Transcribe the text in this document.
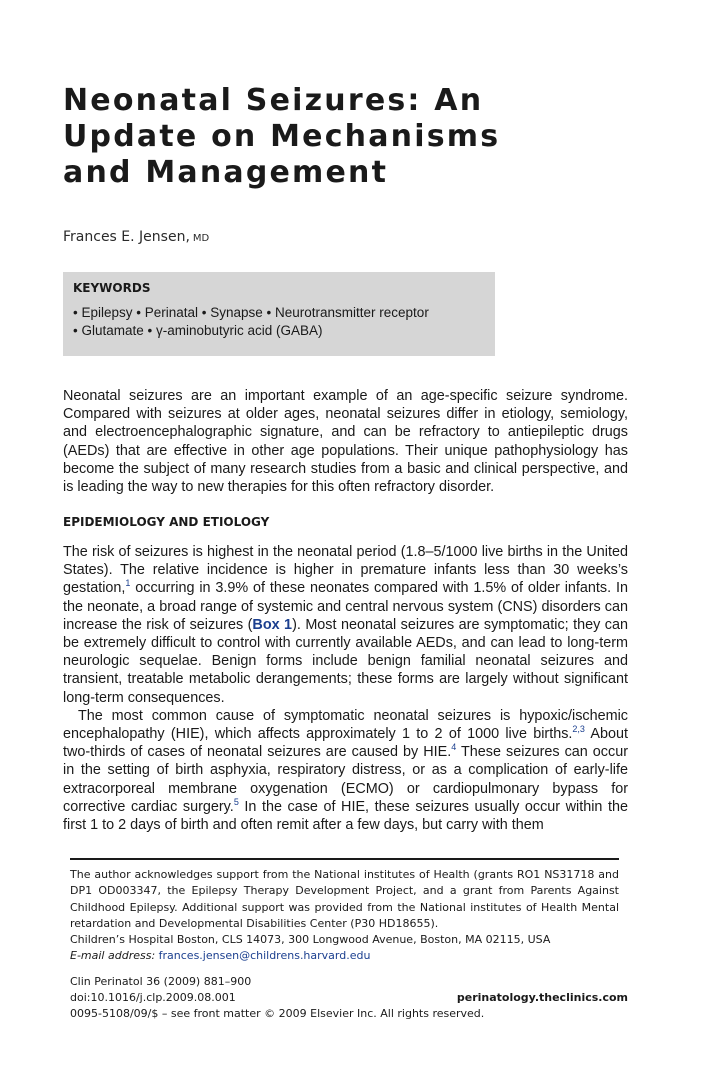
Neonatal Seizures: An
Update on Mechanisms
and Management
Frances E. Jensen, MD
KEYWORDS
• Epilepsy • Perinatal • Synapse • Neurotransmitter receptor
• Glutamate • γ-aminobutyric acid (GABA)
Neonatal seizures are an important example of an age-specific seizure syndrome. Compared with seizures at older ages, neonatal seizures differ in etiology, semiology, and electroencephalographic signature, and can be refractory to antiepileptic drugs (AEDs) that are effective in other age populations. Their unique pathophysiology has become the subject of many research studies from a basic and clinical perspective, and is leading the way to new therapies for this often refractory disorder.
EPIDEMIOLOGY AND ETIOLOGY

The risk of seizures is highest in the neonatal period (1.8–5/1000 live births in the United States). The relative incidence is higher in premature infants less than 30 weeks’s gestation,$^1$ occurring in 3.9% of these neonates compared with 1.5% of older infants. In the neonate, a broad range of systemic and central nervous system (CNS) disorders can increase the risk of seizures (Box 1). Most neonatal seizures are symptomatic; they can be extremely difficult to control with currently available AEDs, and can lead to long-term neurologic sequelae. Benign forms include benign familial neonatal seizures and transient, treatable metabolic derangements; these forms are largely without significant long-term consequences.

The most common cause of symptomatic neonatal seizures is hypoxic/ischemic encephalopathy (HIE), which affects approximately 1 to 2 of 1000 live births.$^{2,3}$ About two-thirds of cases of neonatal seizures are caused by HIE.$^4$ These seizures can occur in the setting of birth asphyxia, respiratory distress, or as a complication of early-life extracorporeal membrane oxygenation (ECMO) or cardiopulmonary bypass for corrective cardiac surgery.$^5$ In the case of HIE, these seizures usually occur within the first 1 to 2 days of birth and often remit after a few days, but carry with them

The author acknowledges support from the National institutes of Health (grants RO1 NS31718 and DP1 OD003347, the Epilepsy Therapy Development Project, and a grant from Parents Against Childhood Epilepsy. Additional support was provided from the National institutes of Health Mental retardation and Developmental Disabilities Center (P30 HD18655).

Children’s Hospital Boston, CLS 14073, 300 Longwood Avenue, Boston, MA 02115, USA

E-mail address: frances.jensen@childrens.harvard.edu

Clin Perinatol 36 (2009) 881–900
doi:10.1016/j.clp.2009.08.001
0095-5108/09/$ – see front matter © 2009 Elsevier Inc. All rights reserved.
perinatology.theclinics.com
